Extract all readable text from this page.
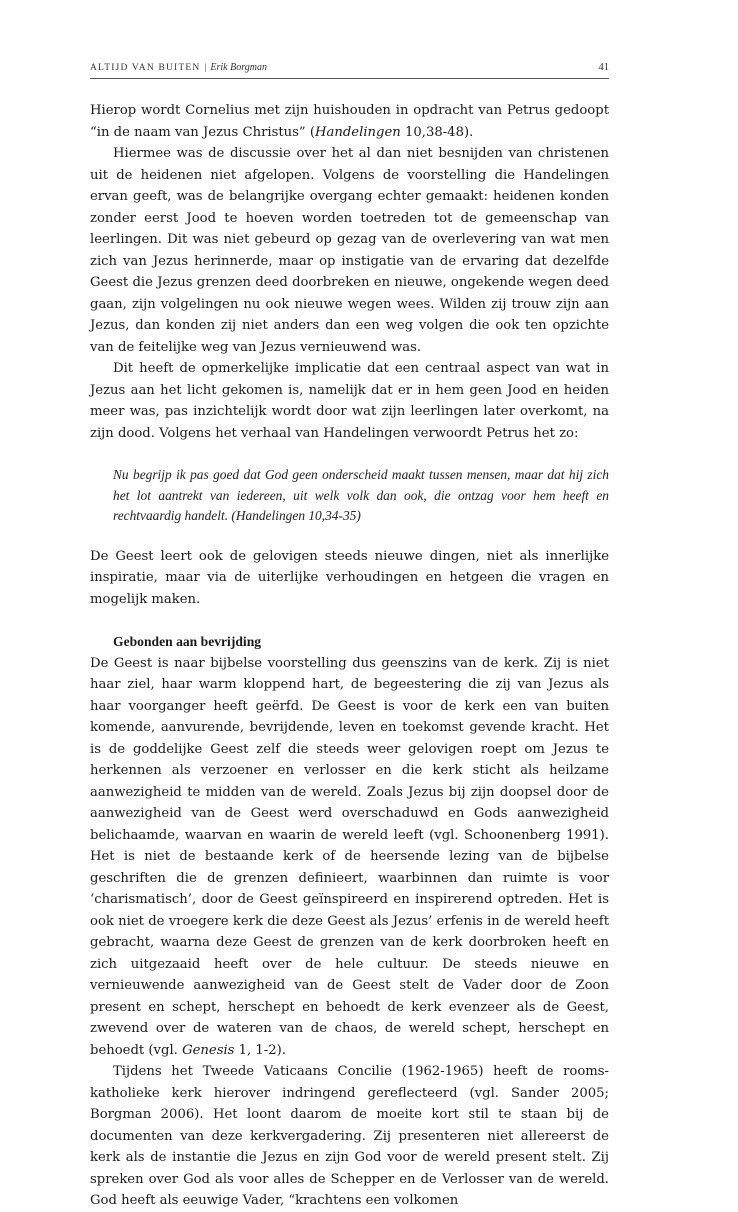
ALTIJD VAN BUITEN | Erik Borgman	41

Hierop wordt Cornelius met zijn huishouden in opdracht van Petrus gedoopt “in de naam van Jezus Christus” (Handelingen 10,38-48).

Hiermee was de discussie over het al dan niet besnijden van christenen uit de heidenen niet afgelopen. Volgens de voorstelling die Handelingen ervan geeft, was de belangrijke overgang echter gemaakt: heidenen konden zonder eerst Jood te hoeven worden toetreden tot de gemeenschap van leerlingen. Dit was niet gebeurd op gezag van de overlevering van wat men zich van Jezus herinnerde, maar op instigatie van de ervaring dat dezelfde Geest die Jezus grenzen deed doorbreken en nieuwe, ongekende wegen deed gaan, zijn volgelingen nu ook nieuwe wegen wees. Wilden zij trouw zijn aan Jezus, dan konden zij niet anders dan een weg volgen die ook ten opzichte van de feitelijke weg van Jezus vernieuwend was.

Dit heeft de opmerkelijke implicatie dat een centraal aspect van wat in Jezus aan het licht gekomen is, namelijk dat er in hem geen Jood en heiden meer was, pas inzichtelijk wordt door wat zijn leerlingen later overkomt, na zijn dood. Volgens het verhaal van Handelingen verwoordt Petrus het zo:

Nu begrijp ik pas goed dat God geen onderscheid maakt tussen mensen, maar dat hij zich het lot aantrekt van iedereen, uit welk volk dan ook, die ontzag voor hem heeft en rechtvaardig handelt. (Handelingen 10,34-35)

De Geest leert ook de gelovigen steeds nieuwe dingen, niet als innerlijke inspiratie, maar via de uiterlijke verhoudingen en hetgeen die vragen en mogelijk maken.

Gebonden aan bevrijding

De Geest is naar bijbelse voorstelling dus geenszins van de kerk. Zij is niet haar ziel, haar warm kloppend hart, de begeestering die zij van Jezus als haar voorganger heeft geërfd. De Geest is voor de kerk een van buiten komende, aanvurende, bevrijdende, leven en toekomst gevende kracht. Het is de goddelijke Geest zelf die steeds weer gelovigen roept om Jezus te herkennen als verzoener en verlosser en die kerk sticht als heilzame aanwezigheid te midden van de wereld. Zoals Jezus bij zijn doopsel door de aanwezigheid van de Geest werd overschaduwd en Gods aanwezigheid belichaamde, waarvan en waarin de wereld leeft (vgl. Schoonenberg 1991). Het is niet de bestaande kerk of de heersende lezing van de bijbelse geschriften die de grenzen definieert, waarbinnen dan ruimte is voor ‘charismatisch’, door de Geest geïnspireerd en inspirerend optreden. Het is ook niet de vroegere kerk die deze Geest als Jezus’ erfenis in de wereld heeft gebracht, waarna deze Geest de grenzen van de kerk doorbroken heeft en zich uitgezaaid heeft over de hele cultuur. De steeds nieuwe en vernieuwende aanwezigheid van de Geest stelt de Vader door de Zoon present en schept, herschept en behoedt de kerk evenzeer als de Geest, zwevend over de wateren van de chaos, de wereld schept, herschept en behoedt (vgl. Genesis 1, 1-2).

Tijdens het Tweede Vaticaans Concilie (1962-1965) heeft de rooms-katholieke kerk hierover indringend gereflecteerd (vgl. Sander 2005; Borgman 2006). Het loont daarom de moeite kort stil te staan bij de documenten van deze kerkvergadering. Zij presenteren niet allereerst de kerk als de instantie die Jezus en zijn God voor de wereld present stelt. Zij spreken over God als voor alles de Schepper en de Verlosser van de wereld. God heeft als eeuwige Vader, “krachtens een volkomen
